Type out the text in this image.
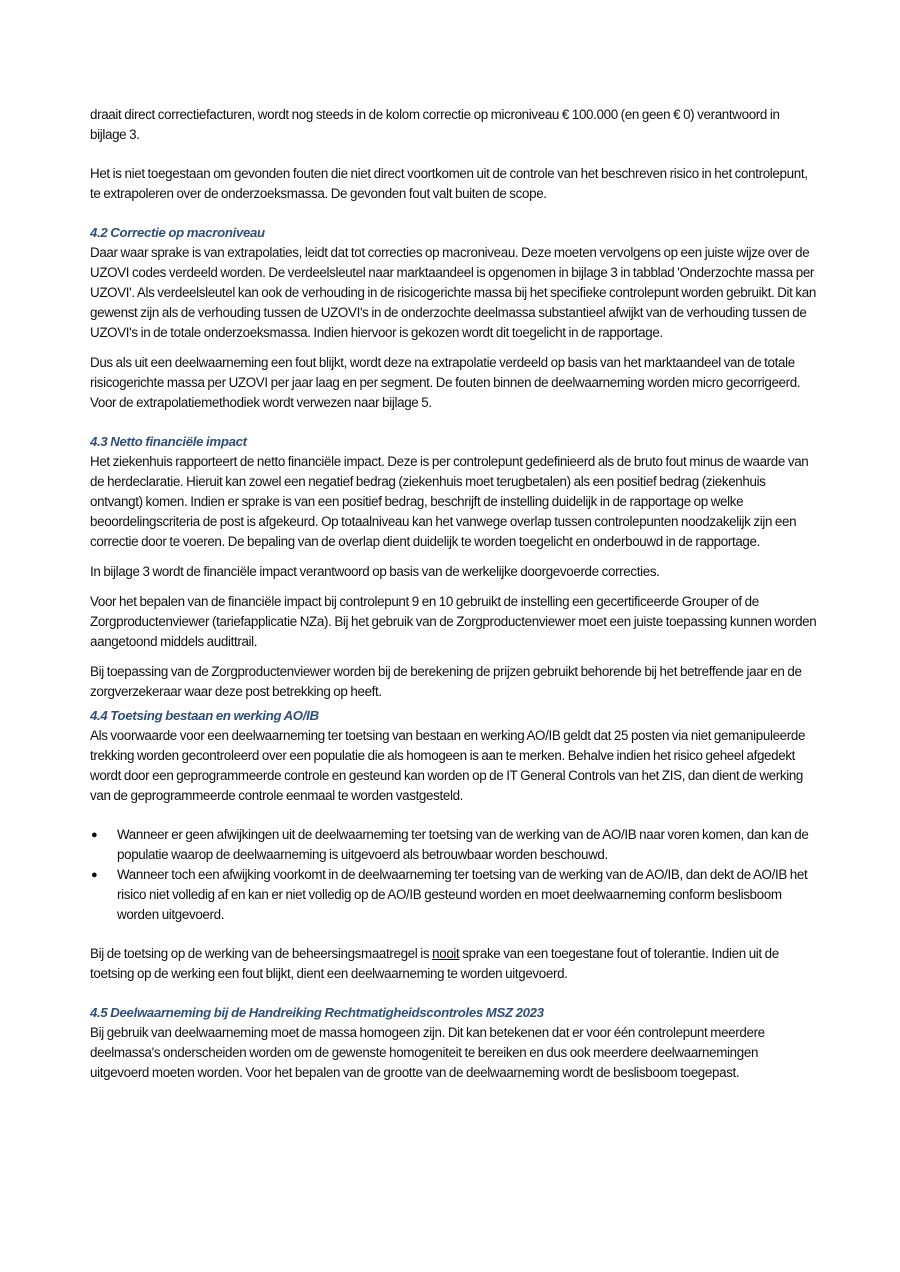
draait direct correctiefacturen, wordt nog steeds in de kolom correctie op microniveau € 100.000 (en geen € 0) verantwoord in bijlage 3.

Het is niet toegestaan om gevonden fouten die niet direct voortkomen uit de controle van het beschreven risico in het controlepunt, te extrapoleren over de onderzoeksmassa. De gevonden fout valt buiten de scope.

4.2 Correctie op macroniveau

Daar waar sprake is van extrapolaties, leidt dat tot correcties op macroniveau. Deze moeten vervolgens op een juiste wijze over de UZOVI codes verdeeld worden. De verdeelsleutel naar marktaandeel is opgenomen in bijlage 3 in tabblad 'Onderzochte massa per UZOVI'. Als verdeelsleutel kan ook de verhouding in de risicogerichte massa bij het specifieke controlepunt worden gebruikt. Dit kan gewenst zijn als de verhouding tussen de UZOVI's in de onderzochte deelmassa substantieel afwijkt van de verhouding tussen de UZOVI's in de totale onderzoeksmassa. Indien hiervoor is gekozen wordt dit toegelicht in de rapportage.

Dus als uit een deelwaarneming een fout blijkt, wordt deze na extrapolatie verdeeld op basis van het marktaandeel van de totale risicogerichte massa per UZOVI per jaar laag en per segment. De fouten binnen de deelwaarneming worden micro gecorrigeerd. Voor de extrapolatiemethodiek wordt verwezen naar bijlage 5.

4.3 Netto financiële impact

Het ziekenhuis rapporteert de netto financiële impact. Deze is per controlepunt gedefinieerd als de bruto fout minus de waarde van de herdeclaratie. Hieruit kan zowel een negatief bedrag (ziekenhuis moet terugbetalen) als een positief bedrag (ziekenhuis ontvangt) komen. Indien er sprake is van een positief bedrag, beschrijft de instelling duidelijk in de rapportage op welke beoordelingscriteria de post is afgekeurd. Op totaalniveau kan het vanwege overlap tussen controlepunten noodzakelijk zijn een correctie door te voeren. De bepaling van de overlap dient duidelijk te worden toegelicht en onderbouwd in de rapportage.

In bijlage 3 wordt de financiële impact verantwoord op basis van de werkelijke doorgevoerde correcties.

Voor het bepalen van de financiële impact bij controlepunt 9 en 10 gebruikt de instelling een gecertificeerde Grouper of de Zorgproductenviewer (tariefapplicatie NZa). Bij het gebruik van de Zorgproductenviewer moet een juiste toepassing kunnen worden aangetoond middels audittrail.

Bij toepassing van de Zorgproductenviewer worden bij de berekening de prijzen gebruikt behorende bij het betreffende jaar en de zorgverzekeraar waar deze post betrekking op heeft.

4.4 Toetsing bestaan en werking AO/IB

Als voorwaarde voor een deelwaarneming ter toetsing van bestaan en werking AO/IB geldt dat 25 posten via niet gemanipuleerde trekking worden gecontroleerd over een populatie die als homogeen is aan te merken. Behalve indien het risico geheel afgedekt wordt door een geprogrammeerde controle en gesteund kan worden op de IT General Controls van het ZIS, dan dient de werking van de geprogrammeerde controle eenmaal te worden vastgesteld.

● Wanneer er geen afwijkingen uit de deelwaarneming ter toetsing van de werking van de AO/IB naar voren komen, dan kan de populatie waarop de deelwaarneming is uitgevoerd als betrouwbaar worden beschouwd.
● Wanneer toch een afwijking voorkomt in de deelwaarneming ter toetsing van de werking van de AO/IB, dan dekt de AO/IB het risico niet volledig af en kan er niet volledig op de AO/IB gesteund worden en moet deelwaarneming conform beslisboom worden uitgevoerd.

Bij de toetsing op de werking van de beheersingsmaatregel is nooit sprake van een toegestane fout of tolerantie. Indien uit de toetsing op de werking een fout blijkt, dient een deelwaarneming te worden uitgevoerd.

4.5 Deelwaarneming bij de Handreiking Rechtmatigheidscontroles MSZ 2023

Bij gebruik van deelwaarneming moet de massa homogeen zijn. Dit kan betekenen dat er voor één controlepunt meerdere deelmassa's onderscheiden worden om de gewenste homogeniteit te bereiken en dus ook meerdere deelwaarnemingen uitgevoerd moeten worden. Voor het bepalen van de grootte van de deelwaarneming wordt de beslisboom toegepast.
